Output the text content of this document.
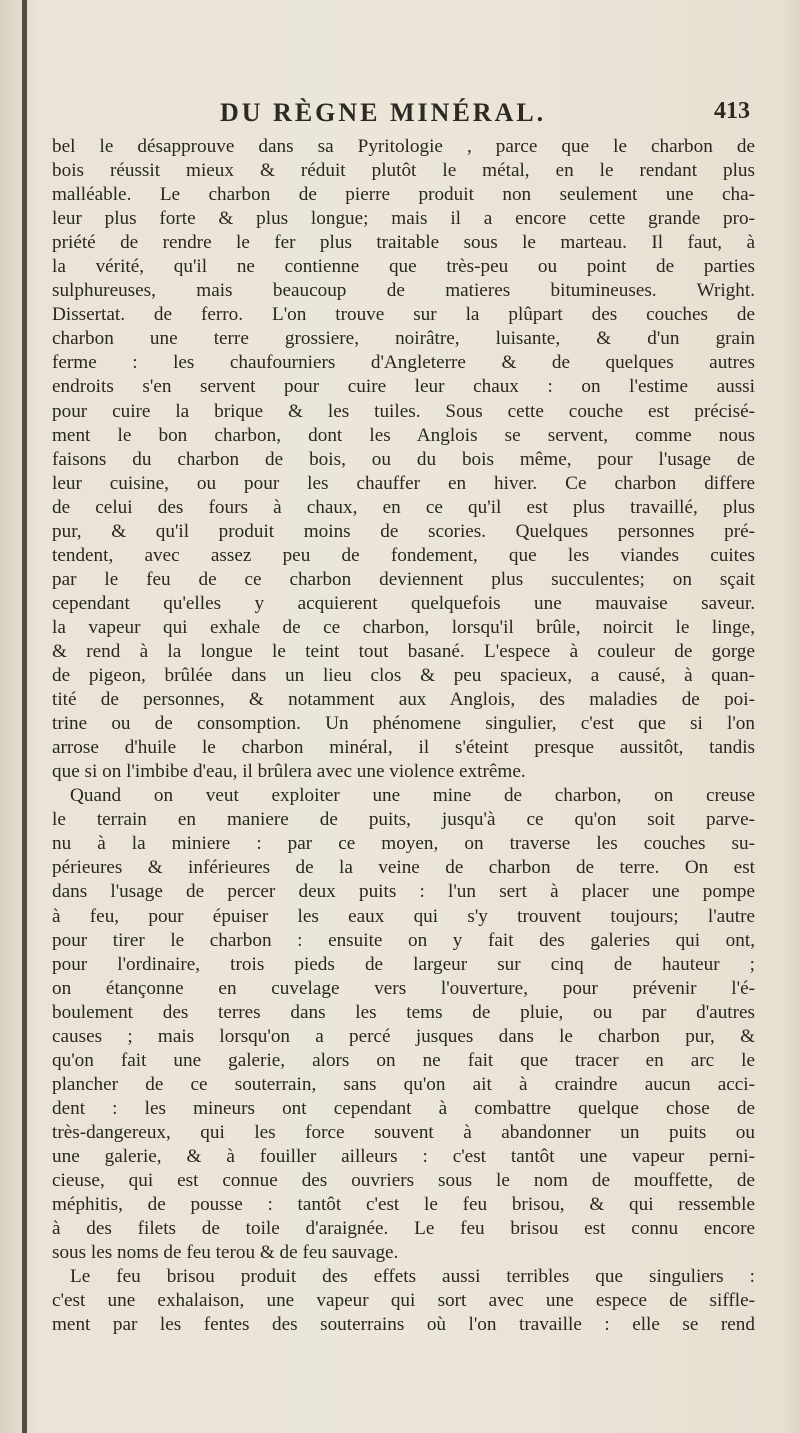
DU RÈGNE MINÉRAL.	413
bel le désapprouve dans sa Pyritologie , parce que le charbon de
bois réussit mieux & réduit plutôt le métal, en le rendant plus
malléable. Le charbon de pierre produit non seulement une cha-
leur plus forte & plus longue; mais il a encore cette grande pro-
priété de rendre le fer plus traitable sous le marteau. Il faut, à
la vérité, qu'il ne contienne que très-peu ou point de parties
sulphureuses, mais beaucoup de matieres bitumineuses. Wright.
Dissertat. de ferro. L'on trouve sur la plûpart des couches de
charbon une terre grossiere, noirâtre, luisante, & d'un grain
ferme : les chaufourniers d'Angleterre & de quelques autres
endroits s'en servent pour cuire leur chaux : on l'estime aussi
pour cuire la brique & les tuiles. Sous cette couche est précisé-
ment le bon charbon, dont les Anglois se servent, comme nous
faisons du charbon de bois, ou du bois même, pour l'usage de
leur cuisine, ou pour les chauffer en hiver. Ce charbon differe
de celui des fours à chaux, en ce qu'il est plus travaillé, plus
pur, & qu'il produit moins de scories. Quelques personnes pré-
tendent, avec assez peu de fondement, que les viandes cuites
par le feu de ce charbon deviennent plus succulentes; on sçait
cependant qu'elles y acquierent quelquefois une mauvaise saveur.
la vapeur qui exhale de ce charbon, lorsqu'il brûle, noircit le linge,
& rend à la longue le teint tout basané. L'espece à couleur de gorge
de pigeon, brûlée dans un lieu clos & peu spacieux, a causé, à quan-
tité de personnes, & notamment aux Anglois, des maladies de poi-
trine ou de consomption. Un phénomene singulier, c'est que si l'on
arrose d'huile le charbon minéral, il s'éteint presque aussitôt, tandis
que si on l'imbibe d'eau, il brûlera avec une violence extrême.
Quand on veut exploiter une mine de charbon, on creuse
le terrain en maniere de puits, jusqu'à ce qu'on soit parve-
nu à la miniere : par ce moyen, on traverse les couches su-
périeures & inférieures de la veine de charbon de terre. On est
dans l'usage de percer deux puits : l'un sert à placer une pompe
à feu, pour épuiser les eaux qui s'y trouvent toujours; l'autre
pour tirer le charbon : ensuite on y fait des galeries qui ont,
pour l'ordinaire, trois pieds de largeur sur cinq de hauteur ;
on étançonne en cuvelage vers l'ouverture, pour prévenir l'é-
boulement des terres dans les tems de pluie, ou par d'autres
causes ; mais lorsqu'on a percé jusques dans le charbon pur, &
qu'on fait une galerie, alors on ne fait que tracer en arc le
plancher de ce souterrain, sans qu'on ait à craindre aucun acci-
dent : les mineurs ont cependant à combattre quelque chose de
très-dangereux, qui les force souvent à abandonner un puits ou
une galerie, & à fouiller ailleurs : c'est tantôt une vapeur perni-
cieuse, qui est connue des ouvriers sous le nom de mouffette, de
méphitis, de pousse : tantôt c'est le feu brisou, & qui ressemble
à des filets de toile d'araignée. Le feu brisou est connu encore
sous les noms de feu terou & de feu sauvage.
Le feu brisou produit des effets aussi terribles que singuliers :
c'est une exhalaison, une vapeur qui sort avec une espece de siffle-
ment par les fentes des souterrains où l'on travaille : elle se rend
